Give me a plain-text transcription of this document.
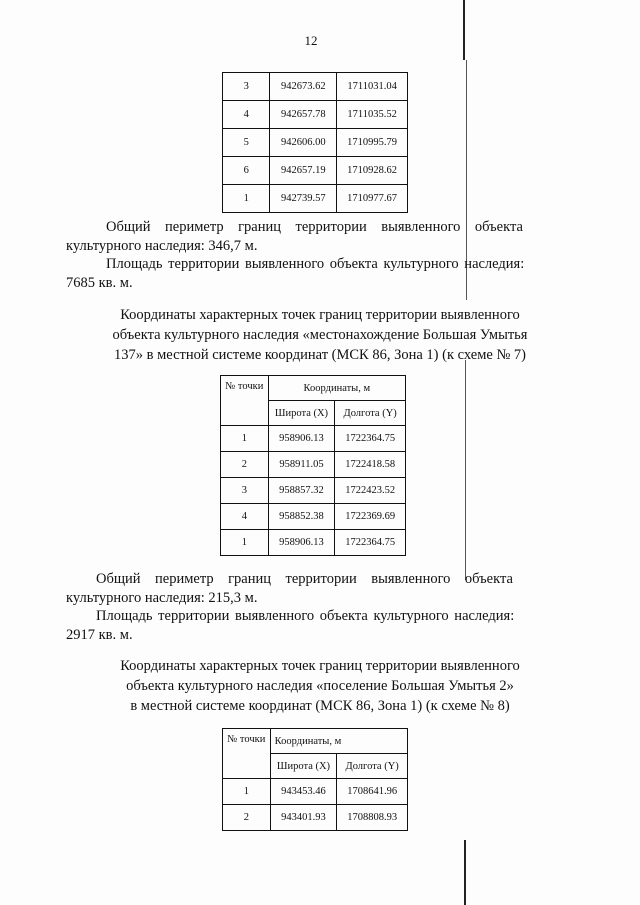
12
3	942673.62	1711031.04
4	942657.78	1711035.52
5	942606.00	1710995.79
6	942657.19	1710928.62
1	942739.57	1710977.67

Общий    периметр    границ    территории    выявленного    объекта
культурного наследия: 346,7 м.

Площадь территории выявленного объекта культурного наследия:
7685 кв. м.

Координаты характерных точек границ территории выявленного
объекта культурного наследия «местонахождение Большая Умытья
137» в местной системе координат (МСК 86, Зона 1) (к схеме № 7)
№ точки	Координаты, м	
	Широта (X)	Долгота (Y)
1	958906.13	1722364.75
2	958911.05	1722418.58
3	958857.32	1722423.52
4	958852.38	1722369.69
1	958906.13	1722364.75

Общий    периметр    границ    территории    выявленного    объекта
культурного наследия: 215,3 м.

Площадь территории выявленного объекта культурного наследия:
2917 кв. м.

Координаты характерных точек границ территории выявленного
объекта культурного наследия «поселение Большая Умытья 2»
в местной системе координат (МСК 86, Зона 1) (к схеме № 8)
№ точки	Координаты, м	
	Широта (X)	Долгота (Y)
1	943453.46	1708641.96
2	943401.93	1708808.93
